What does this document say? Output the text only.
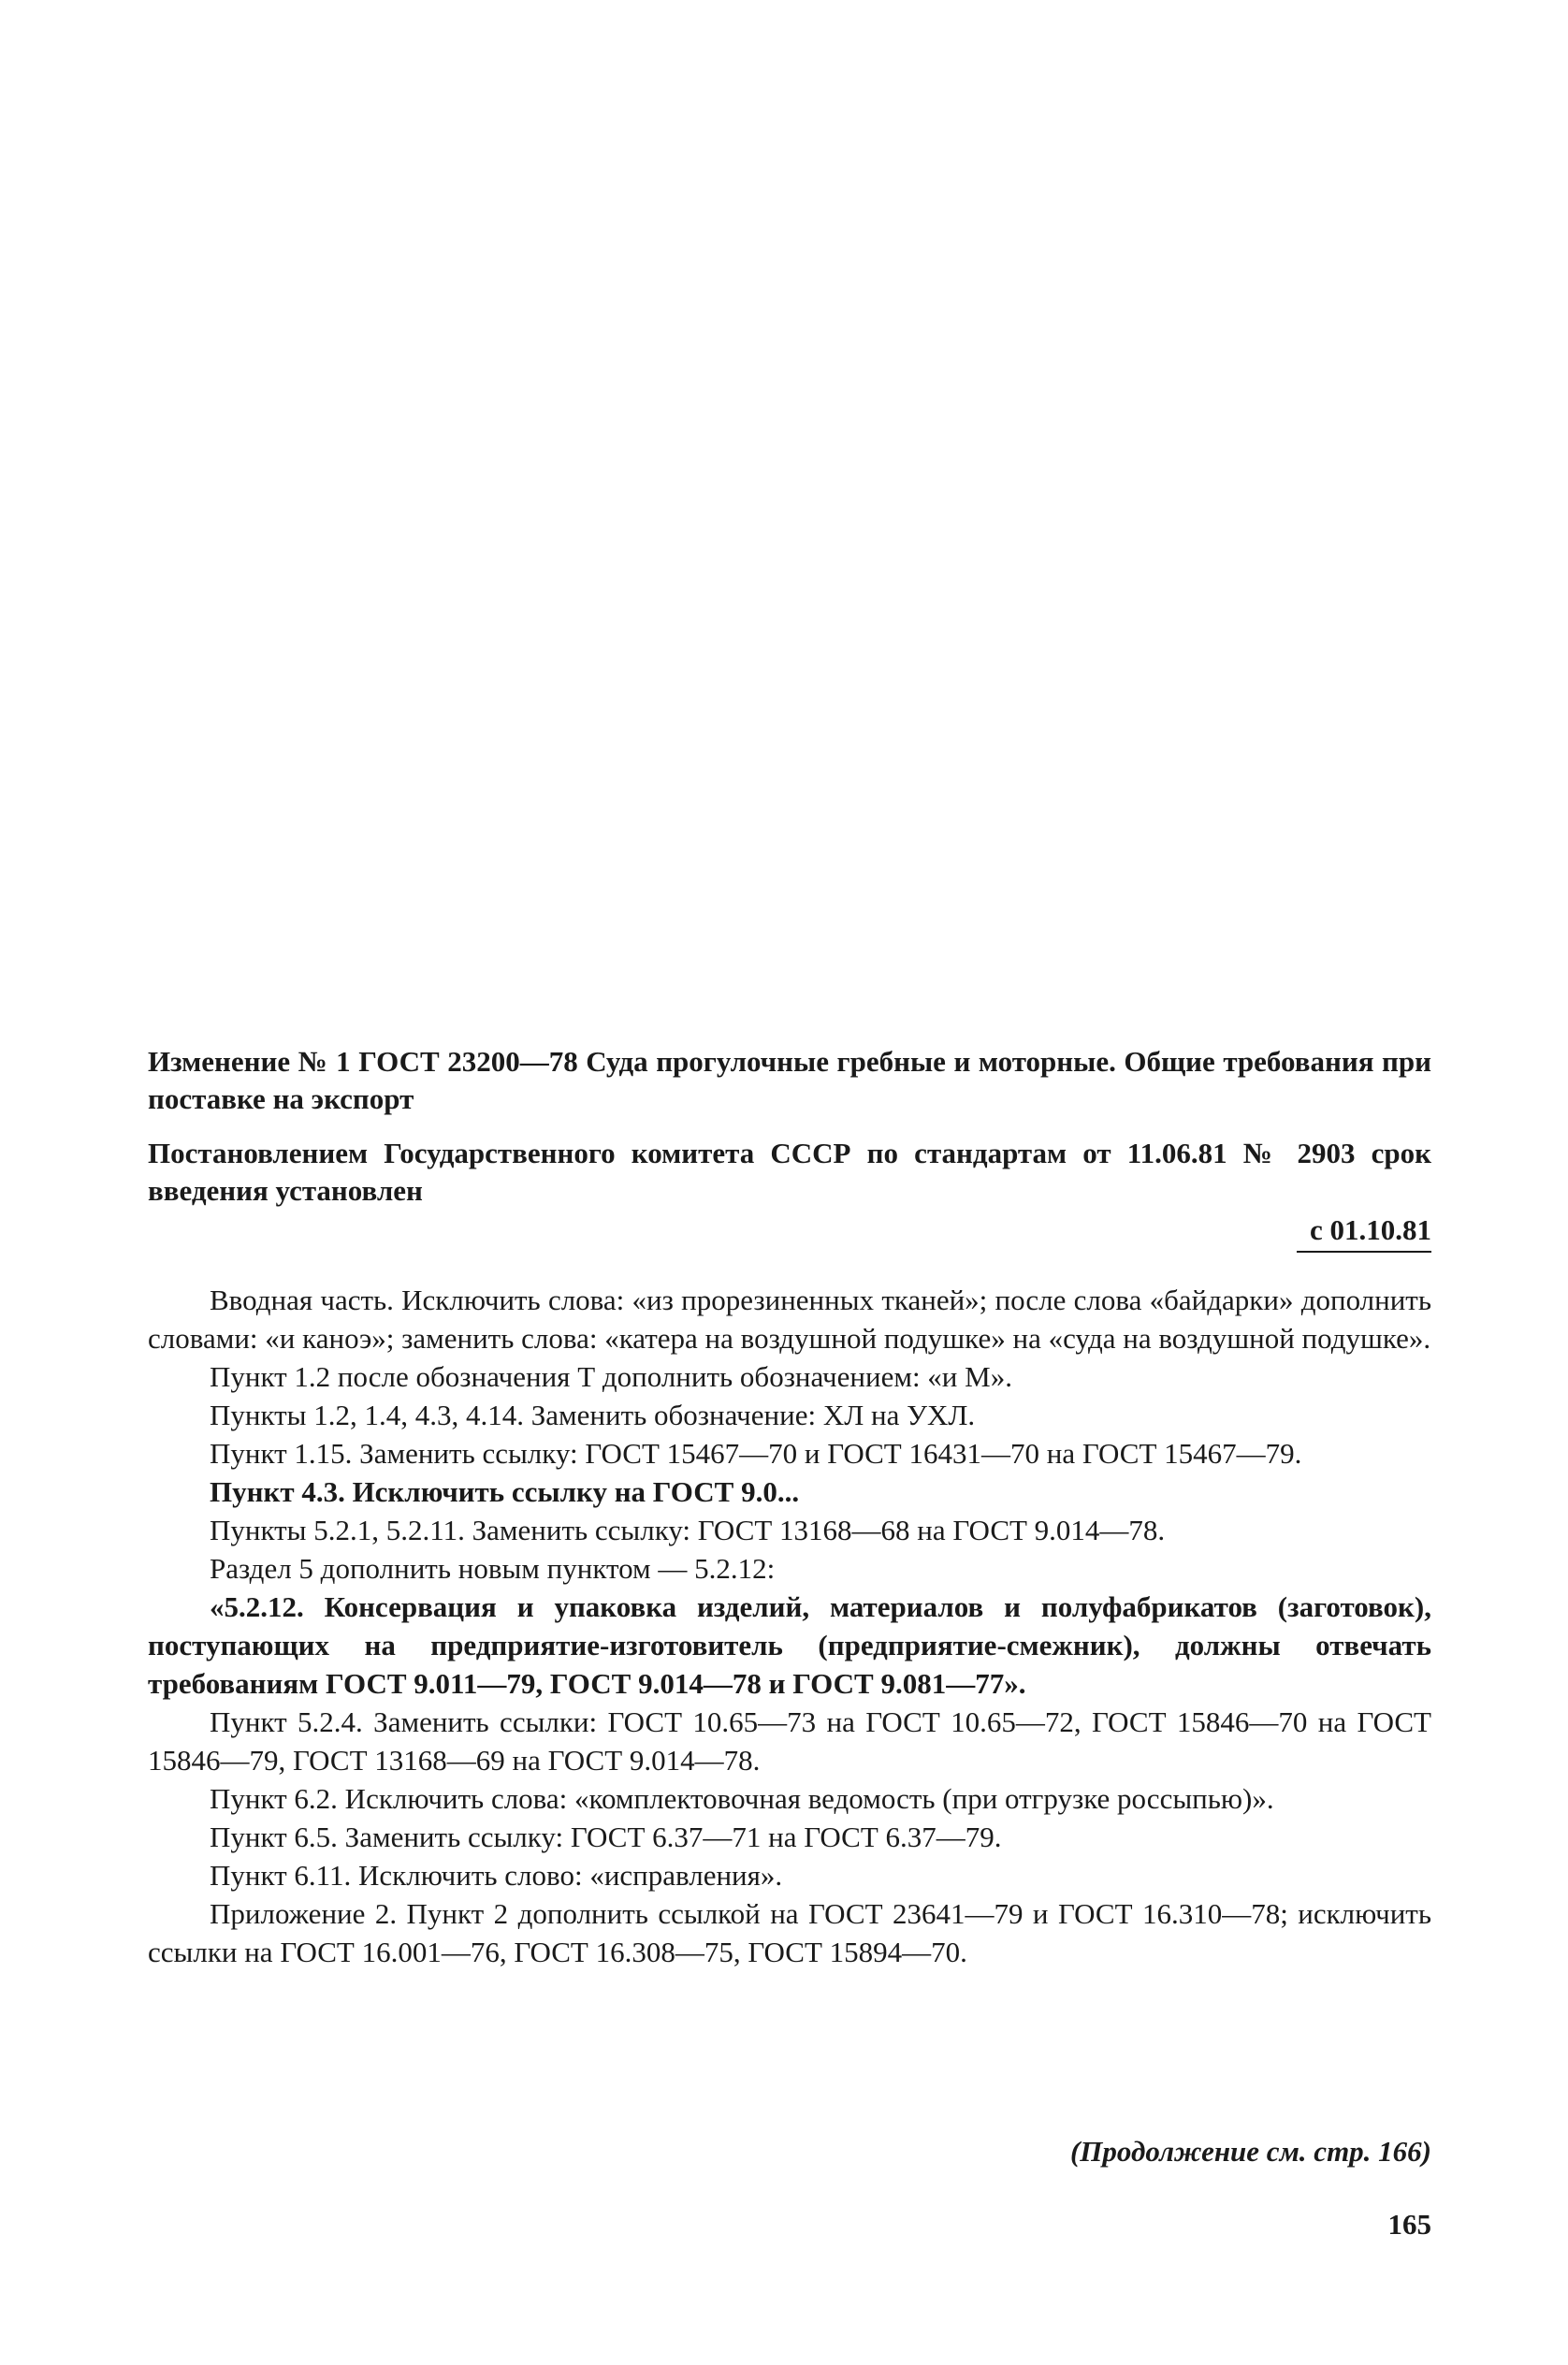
Изменение № 1 ГОСТ 23200—78 Суда прогулочные гребные и моторные. Общие требования при поставке на экспорт

Постановлением Государственного комитета СССР по стандартам от 11.06.81 № 2903 срок введения установлен

с 01.10.81

Вводная часть. Исключить слова: «из прорезиненных тканей»; после слова «байдарки» дополнить словами: «и каноэ»; заменить слова: «катера на воздушной подушке» на «суда на воздушной подушке».

Пункт 1.2 после обозначения Т дополнить обозначением: «и М».

Пункты 1.2, 1.4, 4.3, 4.14. Заменить обозначение: ХЛ на УХЛ.

Пункт 1.15. Заменить ссылку: ГОСТ 15467—70 и ГОСТ 16431—70 на ГОСТ 15467—79.

Пункт 4.3. Исключить ссылку на ГОСТ 9.0...

Пункты 5.2.1, 5.2.11. Заменить ссылку: ГОСТ 13168—68 на ГОСТ 9.014—78.

Раздел 5 дополнить новым пунктом — 5.2.12:

«5.2.12. Консервация и упаковка изделий, материалов и полуфабрикатов (заготовок), поступающих на предприятие-изготовитель (предприятие-смежник), должны отвечать требованиям ГОСТ 9.011—79, ГОСТ 9.014—78 и ГОСТ 9.081—77».

Пункт 5.2.4. Заменить ссылки: ГОСТ 10.65—73 на ГОСТ 10.65—72, ГОСТ 15846—70 на ГОСТ 15846—79, ГОСТ 13168—69 на ГОСТ 9.014—78.

Пункт 6.2. Исключить слова: «комплектовочная ведомость (при отгрузке россыпью)».

Пункт 6.5. Заменить ссылку: ГОСТ 6.37—71 на ГОСТ 6.37—79.

Пункт 6.11. Исключить слово: «исправления».

Приложение 2. Пункт 2 дополнить ссылкой на ГОСТ 23641—79 и ГОСТ 16.310—78; исключить ссылки на ГОСТ 16.001—76, ГОСТ 16.308—75, ГОСТ 15894—70.

(Продолжение см. стр. 166)
165
